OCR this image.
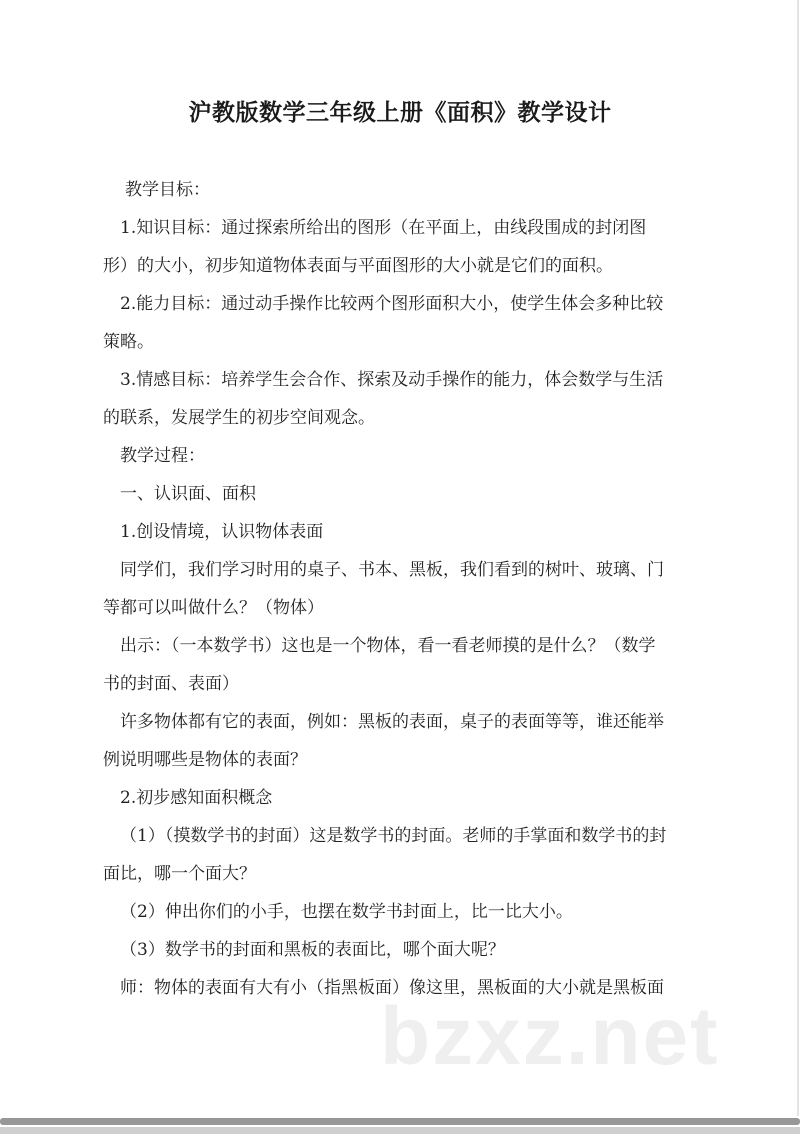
bzxz.net
沪教版数学三年级上册《面积》教学设计

教学目标：

1.知识目标：通过探索所给出的图形（在平面上，由线段围成的封闭图
形）的大小，初步知道物体表面与平面图形的大小就是它们的面积。

2.能力目标：通过动手操作比较两个图形面积大小，使学生体会多种比较
策略。

3.情感目标：培养学生会合作、探索及动手操作的能力，体会数学与生活
的联系，发展学生的初步空间观念。

教学过程：

一、认识面、面积

1.创设情境，认识物体表面

同学们，我们学习时用的桌子、书本、黑板，我们看到的树叶、玻璃、门
等都可以叫做什么？（物体）

出示：（一本数学书）这也是一个物体，看一看老师摸的是什么？（数学
书的封面、表面）

许多物体都有它的表面，例如：黑板的表面，桌子的表面等等，谁还能举
例说明哪些是物体的表面？

2.初步感知面积概念

（1）（摸数学书的封面）这是数学书的封面。老师的手掌面和数学书的封
面比，哪一个面大？

（2）伸出你们的小手，也摆在数学书封面上，比一比大小。

（3）数学书的封面和黑板的表面比，哪个面大呢？

师：物体的表面有大有小（指黑板面）像这里，黑板面的大小就是黑板面
